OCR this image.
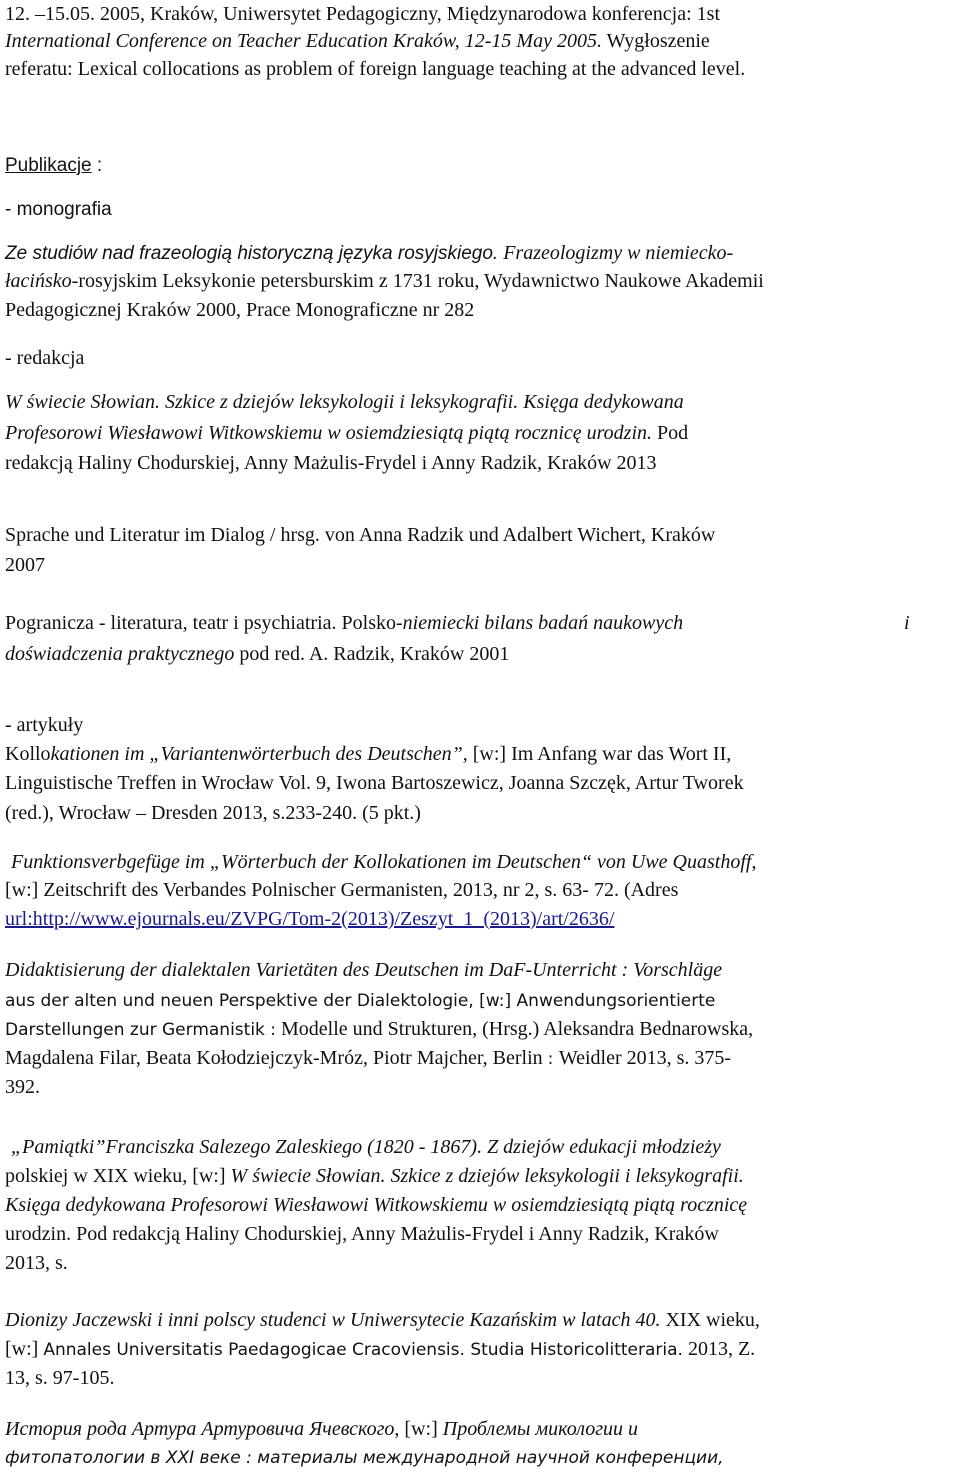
12. –15.05. 2005, Kraków, Uniwersytet Pedagogiczny, Międzynarodowa konferencja: 1st
International Conference on Teacher Education Kraków, 12-15 May 2005. Wygłoszenie
referatu: Lexical collocations as problem of foreign language teaching at the advanced level.
Publikacje :
- monografia
Ze studiów nad frazeologią historyczną języka rosyjskiego. Frazeologizmy w niemiecko-
łacińsko-rosyjskim Leksykonie petersburskim z 1731 roku, Wydawnictwo Naukowe Akademii
Pedagogicznej Kraków 2000, Prace Monograficzne nr 282
- redakcja
W świecie Słowian. Szkice z dziejów leksykologii i leksykografii. Księga dedykowana
Profesorowi Wiesławowi Witkowskiemu w osiemdziesiątą piątą rocznicę urodzin. Pod
redakcją Haliny Chodurskiej, Anny Mażulis-Frydel i Anny Radzik, Kraków 2013
Sprache und Literatur im Dialog / hrsg. von Anna Radzik und Adalbert Wichert, Kraków
2007
Pogranicza - literatura, teatr i psychiatria. Polsko-niemiecki bilans badań naukowych	i
doświadczenia praktycznego pod red. A. Radzik, Kraków 2001
- artykuły
Kollokationen im „Variantenwörterbuch des Deutschen”, [w:] Im Anfang war das Wort II,
Linguistische Treffen in Wrocław Vol. 9, Iwona Bartoszewicz, Joanna Szczęk, Artur Tworek
(red.), Wrocław – Dresden 2013, s.233-240. (5 pkt.)
Funktionsverbgefüge im „Wörterbuch der Kollokationen im Deutschen“ von Uwe Quasthoff,
[w:] Zeitschrift des Verbandes Polnischer Germanisten, 2013, nr 2, s. 63- 72. (Adres
url:http://www.ejournals.eu/ZVPG/Tom-2(2013)/Zeszyt_1_(2013)/art/2636/
Didaktisierung der dialektalen Varietäten des Deutschen im DaF-Unterricht : Vorschläge
aus der alten und neuen Perspektive der Dialektologie, [w:] Anwendungsorientierte
Darstellungen zur Germanistik : Modelle und Strukturen, (Hrsg.) Aleksandra Bednarowska,
Magdalena Filar, Beata Kołodziejczyk-Mróz, Piotr Majcher, Berlin : Weidler 2013, s. 375-
392.
„Pamiątki”Franciszka Salezego Zaleskiego (1820 - 1867). Z dziejów edukacji młodzieży
polskiej w XIX wieku, [w:] W świecie Słowian. Szkice z dziejów leksykologii i leksykografii.
Księga dedykowana Profesorowi Wiesławowi Witkowskiemu w osiemdziesiątą piątą rocznicę
urodzin. Pod redakcją Haliny Chodurskiej, Anny Mażulis-Frydel i Anny Radzik, Kraków
2013, s.
Dionizy Jaczewski i inni polscy studenci w Uniwersytecie Kazańskim w latach 40. XIX wieku,
[w:] Annales Universitatis Paedagogicae Cracoviensis. Studia Historicolitteraria. 2013, Z.
13, s. 97-105.
История рода Артура Артуровича Ячевского, [w:] Проблемы микологии и
фитопатологии в XXI веке : материалы международной научной конференции,
